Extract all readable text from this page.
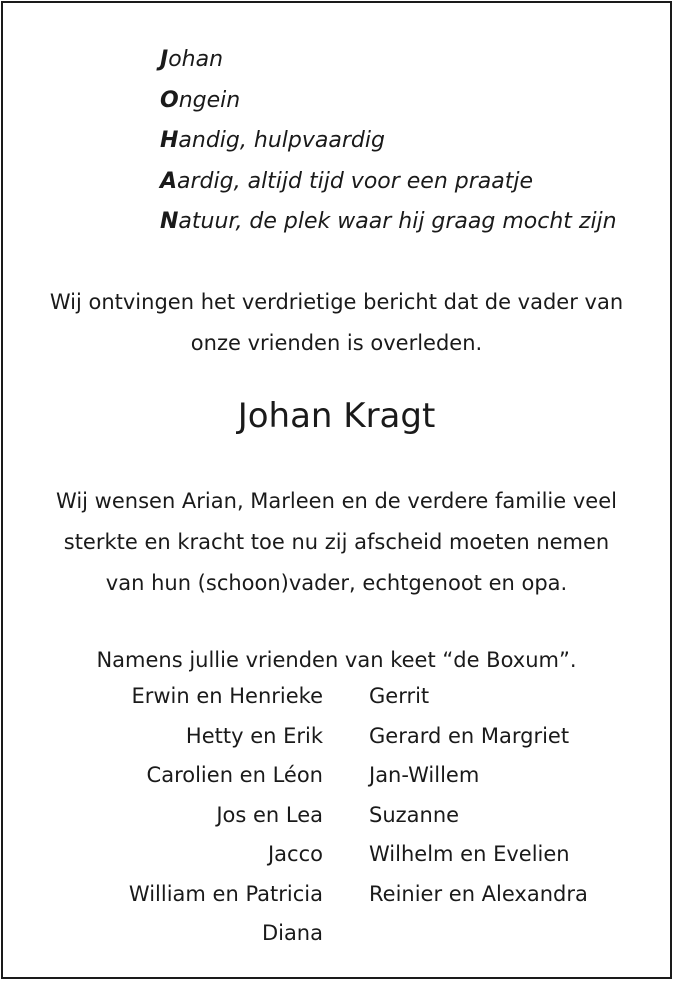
Johan
Ongein
Handig, hulpvaardig
Aardig, altijd tijd voor een praatje
Natuur, de plek waar hij graag mocht zijn
Wij ontvingen het verdrietige bericht dat de vader van
onze vrienden is overleden.
Johan Kragt
Wij wensen Arian, Marleen en de verdere familie veel
sterkte en kracht toe nu zij afscheid moeten nemen
van hun (schoon)vader, echtgenoot en opa.
Namens jullie vrienden van keet “de Boxum”.
Erwin en Henrieke
Hetty en Erik
Carolien en Léon
Jos en Lea
Jacco
William en Patricia
Diana
Gerrit
Gerard en Margriet
Jan-Willem
Suzanne
Wilhelm en Evelien
Reinier en Alexandra
